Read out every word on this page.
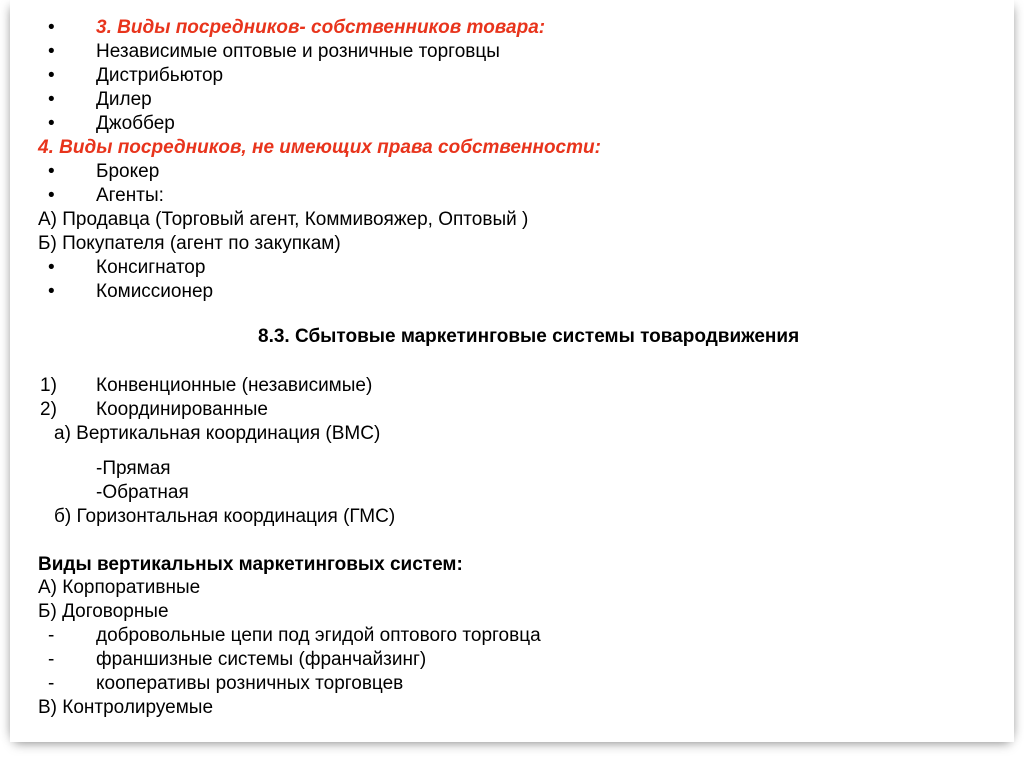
• 3. Виды посредников- собственников товара:
• Независимые оптовые и розничные торговцы
• Дистрибьютор
• Дилер
• Джоббер
4. Виды посредников, не имеющих права собственности:
• Брокер
• Агенты:
А) Продавца (Торговый агент, Коммивояжер, Оптовый )
Б) Покупателя (агент по закупкам)
• Консигнатор
• Комиссионер
8.3. Сбытовые маркетинговые системы товародвижения
1) Конвенционные (независимые)
2) Координированные
а) Вертикальная координация (ВМС)
-Прямая
-Обратная
б) Горизонтальная координация (ГМС)
Виды вертикальных маркетинговых систем:
А) Корпоративные
Б) Договорные
- добровольные цепи под эгидой оптового торговца
- франшизные системы (франчайзинг)
- кооперативы розничных торговцев
В) Контролируемые
